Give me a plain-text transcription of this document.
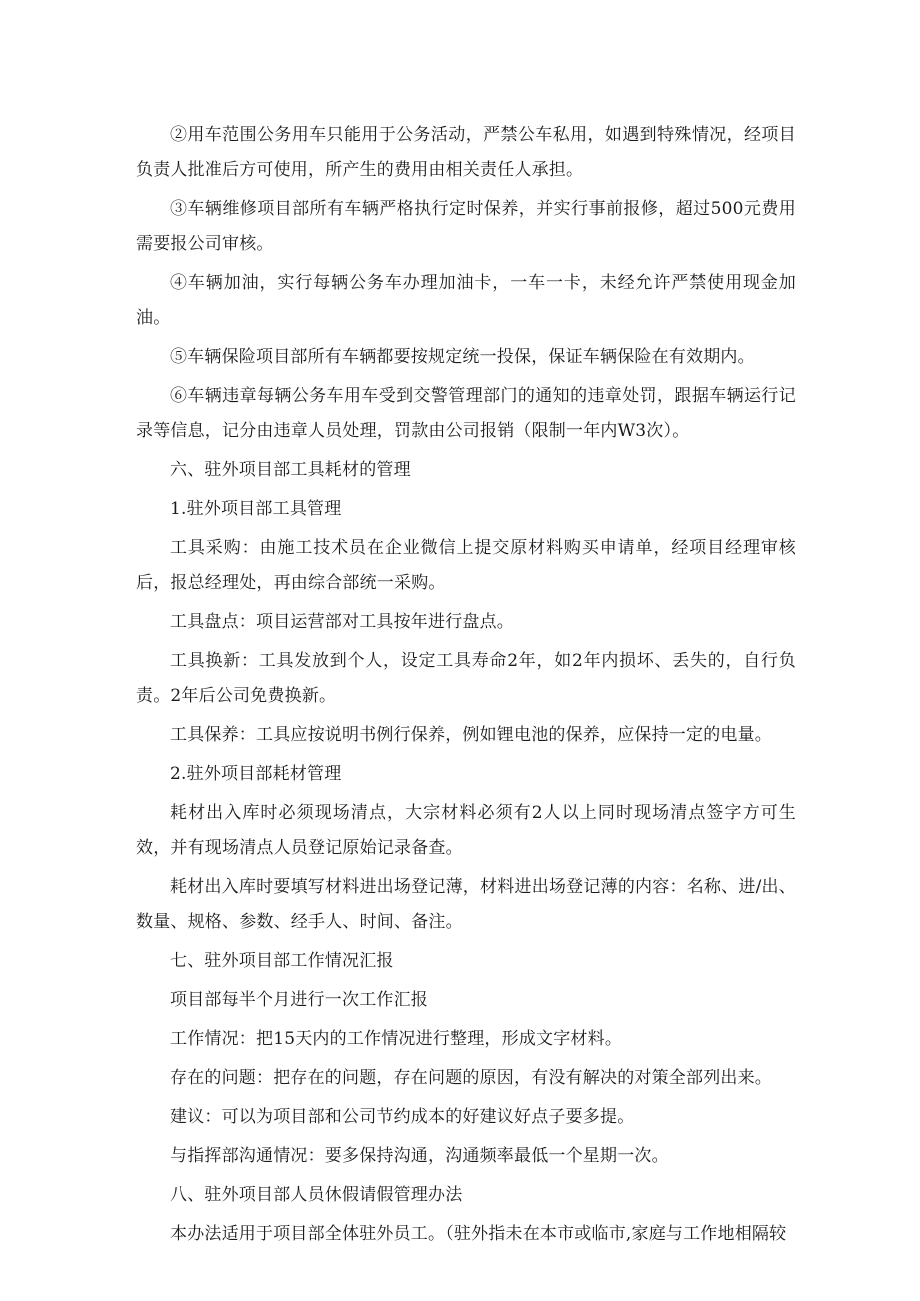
②用车范围公务用车只能用于公务活动，严禁公车私用，如遇到特殊情况，经项目负责人批准后方可使用，所产生的费用由相关责任人承担。

③车辆维修项目部所有车辆严格执行定时保养，并实行事前报修，超过500元费用需要报公司审核。

④车辆加油，实行每辆公务车办理加油卡，一车一卡，未经允许严禁使用现金加油。

⑤车辆保险项目部所有车辆都要按规定统一投保，保证车辆保险在有效期内。

⑥车辆违章每辆公务车用车受到交警管理部门的通知的违章处罚，跟据车辆运行记录等信息，记分由违章人员处理，罚款由公司报销（限制一年内W3次）。

六、驻外项目部工具耗材的管理

1.驻外项目部工具管理

工具采购：由施工技术员在企业微信上提交原材料购买申请单，经项目经理审核后，报总经理处，再由综合部统一采购。

工具盘点：项目运营部对工具按年进行盘点。

工具换新：工具发放到个人，设定工具寿命2年，如2年内损坏、丢失的，自行负责。2年后公司免费换新。

工具保养：工具应按说明书例行保养，例如锂电池的保养，应保持一定的电量。

2.驻外项目部耗材管理

耗材出入库时必须现场清点，大宗材料必须有2人以上同时现场清点签字方可生效，并有现场清点人员登记原始记录备查。

耗材出入库时要填写材料进出场登记薄，材料进出场登记薄的内容：名称、进/出、数量、规格、参数、经手人、时间、备注。

七、驻外项目部工作情况汇报

项目部每半个月进行一次工作汇报

工作情况：把15天内的工作情况进行整理，形成文字材料。

存在的问题：把存在的问题，存在问题的原因，有没有解决的对策全部列出来。

建议：可以为项目部和公司节约成本的好建议好点子要多提。

与指挥部沟通情况：要多保持沟通，沟通频率最低一个星期一次。

八、驻外项目部人员休假请假管理办法

本办法适用于项目部全体驻外员工。（驻外指未在本市或临市,家庭与工作地相隔较
